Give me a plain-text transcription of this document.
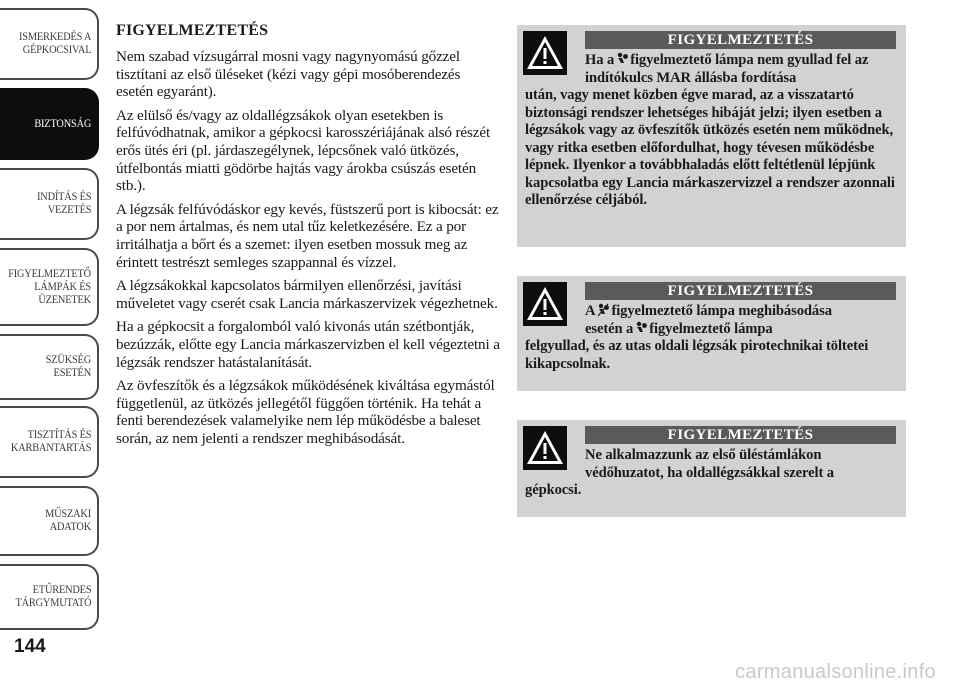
ISMERKEDÉS A
GÉPKOCSIVAL
BIZTONSÁG
INDÍTÁS ÉS
VEZETÉS
FIGYELMEZTETŐ
LÁMPÁK ÉS
ÜZENETEK
SZÜKSÉG ESETÉN
TISZTÍTÁS ÉS
KARBANTARTÁS
MŰSZAKI ADATOK
ETŰRENDES
TÁRGYMUTATÓ
144
FIGYELMEZTETÉS

Nem szabad vízsugárral mosni vagy nagynyomású gőzzel tisztítani az első üléseket (kézi vagy gépi mosóberendezés esetén egyaránt).

Az elülső és/vagy az oldallégzsákok olyan esetekben is felfúvódhatnak, amikor a gépkocsi karosszériájának alsó részét erős ütés éri (pl. járdaszegélynek, lépcsőnek való ütközés, útfelbontás miatti gödörbe hajtás vagy árokba csúszás esetén stb.).

A légzsák felfúvódáskor egy kevés, füstszerű port is kibocsát: ez a por nem ártalmas, és nem utal tűz keletkezésére. Ez a por irritálhatja a bőrt és a szemet: ilyen esetben mossuk meg az érintett testrészt semleges szappannal és vízzel.

A légzsákokkal kapcsolatos bármilyen ellenőrzési, javítási műveletet vagy cserét csak Lancia márkaszervizek végezhetnek.

Ha a gépkocsit a forgalomból való kivonás után szétbontják, bezúzzák, előtte egy Lancia márkaszervizben el kell végeztetni a légzsák rendszer hatástalanítását.

Az övfeszítők és a légzsákok működésének kiváltása egymástól függetlenül, az ütközés jellegétől függően történik. Ha tehát a fenti berendezések valamelyike nem lép működésbe a baleset során, az nem jelenti a rendszer meghibásodását.

FIGYELMEZTETÉS
Ha a figyelmeztető lámpa nem gyullad fel az indítókulcs MAR állásba fordítása
után, vagy menet közben égve marad, az a visszatartó biztonsági rendszer lehetséges hibáját jelzi; ilyen esetben a légzsákok vagy az övfeszítők ütközés esetén nem működnek, vagy ritka esetben előfordulhat, hogy tévesen működésbe lépnek. Ilyenkor a továbbhaladás előtt feltétlenül lépjünk kapcsolatba egy Lancia márkaszervizzel a rendszer azonnali ellenőrzése céljából.
FIGYELMEZTETÉS
A figyelmeztető lámpa meghibásodása
esetén a figyelmeztető lámpa
felgyullad, és az utas oldali légzsák pirotechnikai töltetei kikapcsolnak.
FIGYELMEZTETÉS
Ne alkalmazzunk az első üléstámlákon védőhuzatot, ha oldallégzsákkal szerelt a
gépkocsi.
carmanualsonline.info
